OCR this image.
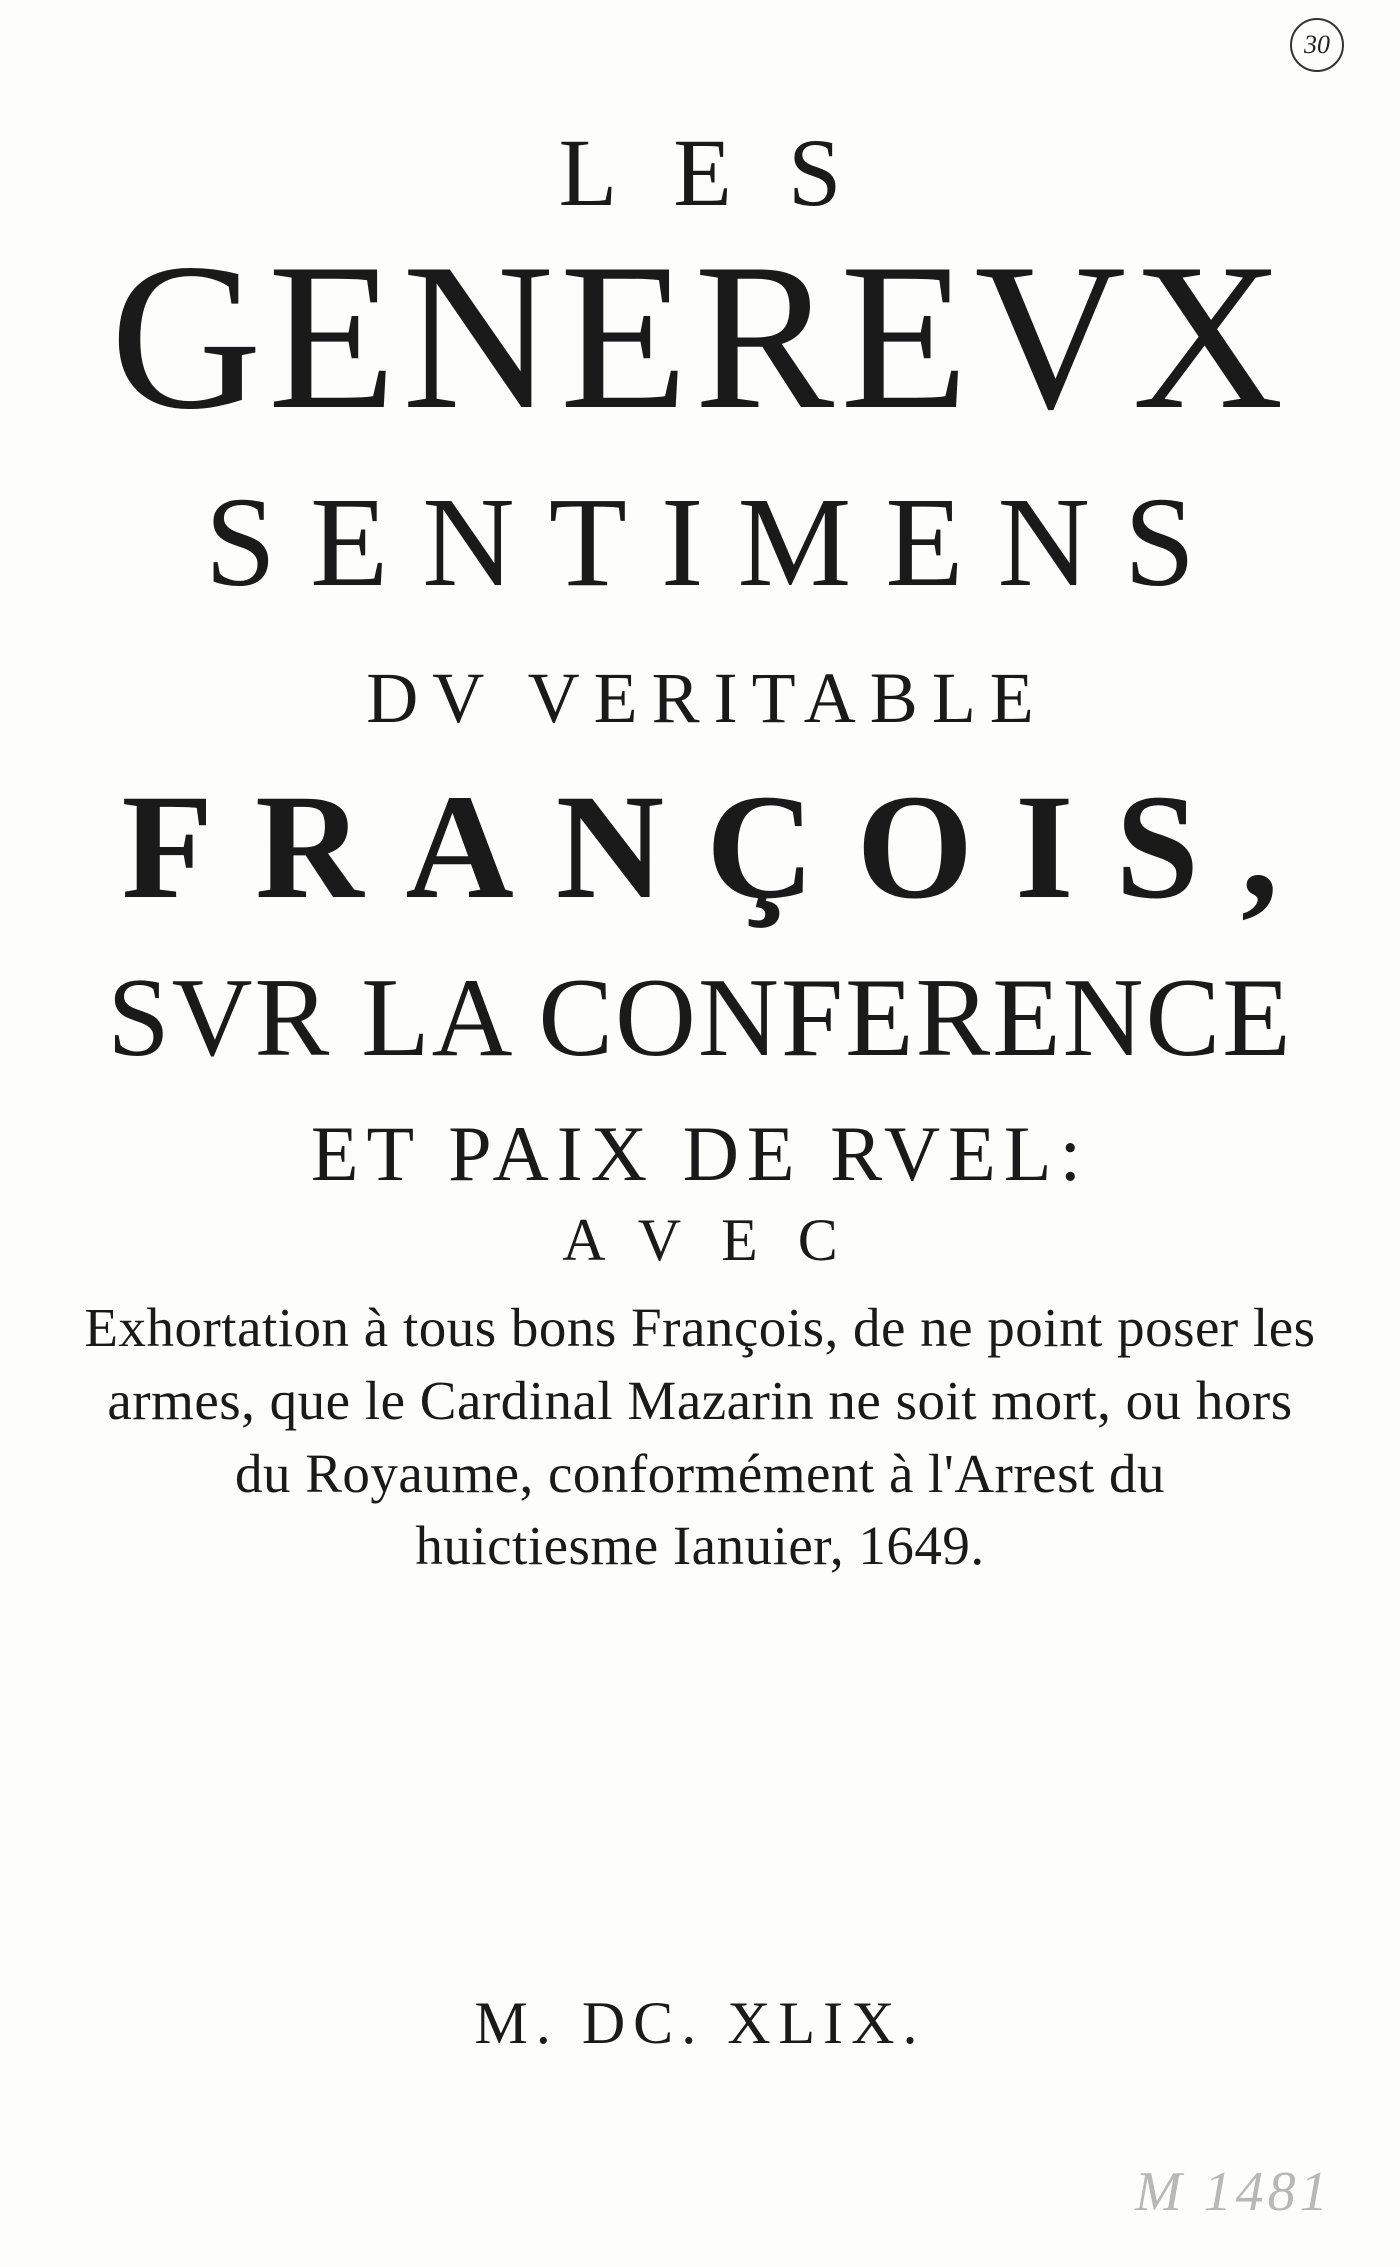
30
LES
GENEREVX
SENTIMENS
DV VERITABLE
FRANÇOIS,
SVR LA CONFERENCE
ET PAIX DE RVEL:
AVEC
Exhortation à tous bons François, de ne point poser les
armes, que le Cardinal Mazarin ne soit mort, ou hors
du Royaume, conformément à l'Arrest du
huictiesme Ianuier, 1649.
M. DC. XLIX.
M 1481
